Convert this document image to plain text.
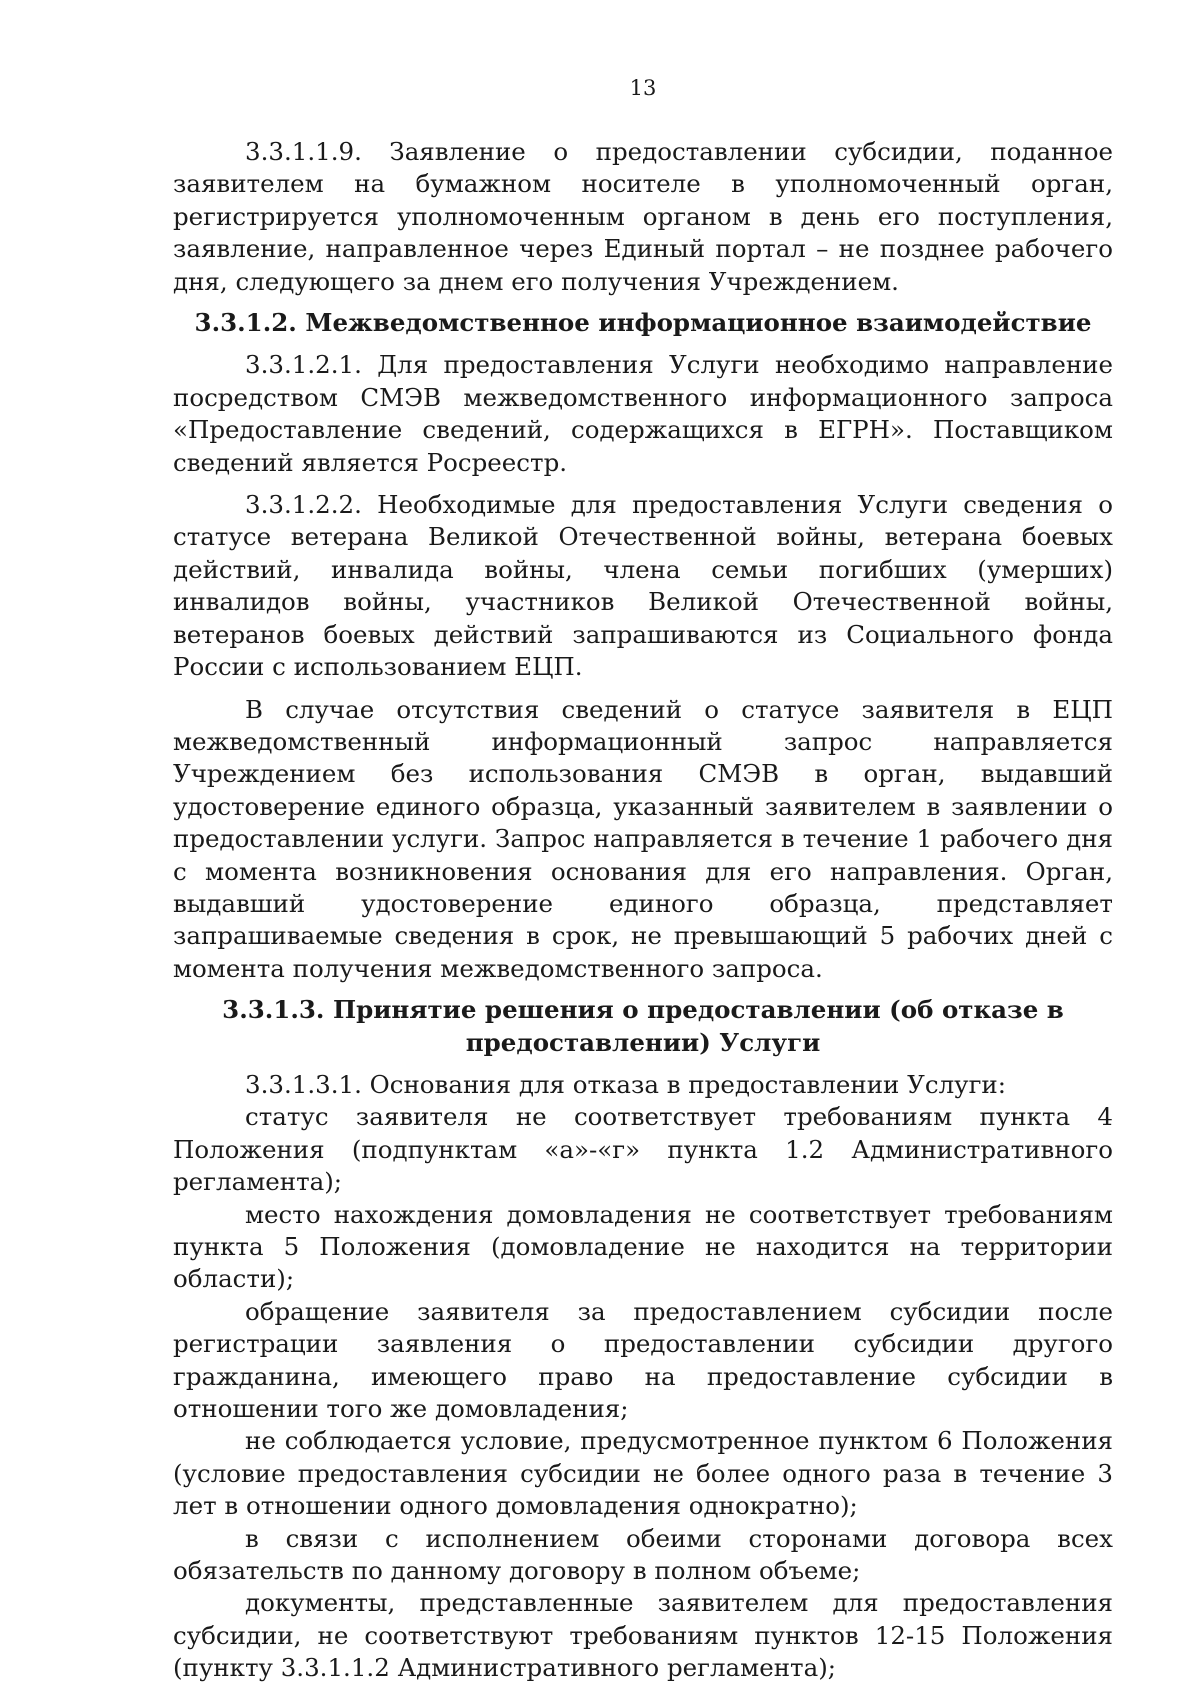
13

3.3.1.1.9. Заявление о предоставлении субсидии, поданное заявителем на бумажном носителе в уполномоченный орган, регистрируется уполномоченным органом в день его поступления, заявление, направленное через Единый портал – не позднее рабочего дня, следующего за днем его получения Учреждением.

3.3.1.2. Межведомственное информационное взаимодействие

3.3.1.2.1. Для предоставления Услуги необходимо направление посредством СМЭВ межведомственного информационного запроса «Предоставление сведений, содержащихся в ЕГРН». Поставщиком сведений является Росреестр.

3.3.1.2.2. Необходимые для предоставления Услуги сведения о статусе ветерана Великой Отечественной войны, ветерана боевых действий, инвалида войны, члена семьи погибших (умерших) инвалидов войны, участников Великой Отечественной войны, ветеранов боевых действий запрашиваются из Социального фонда России с использованием ЕЦП.

В случае отсутствия сведений о статусе заявителя в ЕЦП межведомственный информационный запрос направляется Учреждением без использования СМЭВ в орган, выдавший удостоверение единого образца, указанный заявителем в заявлении о предоставлении услуги. Запрос направляется в течение 1 рабочего дня с момента возникновения основания для его направления. Орган, выдавший удостоверение единого образца, представляет запрашиваемые сведения в срок, не превышающий 5 рабочих дней с момента получения межведомственного запроса.

3.3.1.3. Принятие решения о предоставлении (об отказе в
предоставлении) Услуги

3.3.1.3.1. Основания для отказа в предоставлении Услуги:

статус заявителя не соответствует требованиям пункта 4 Положения (подпунктам «а»-«г» пункта 1.2 Административного регламента);

место нахождения домовладения не соответствует требованиям пункта 5 Положения (домовладение не находится на территории области);

обращение заявителя за предоставлением субсидии после регистрации заявления о предоставлении субсидии другого гражданина, имеющего право на предоставление субсидии в отношении того же домовладения;

не соблюдается условие, предусмотренное пунктом 6 Положения (условие предоставления субсидии не более одного раза в течение 3 лет в отношении одного домовладения однократно);

в связи с исполнением обеими сторонами договора всех обязательств по данному договору в полном объеме;

документы, представленные заявителем для предоставления субсидии, не соответствуют требованиям пунктов 12-15 Положения (пункту 3.3.1.1.2 Административного регламента);
